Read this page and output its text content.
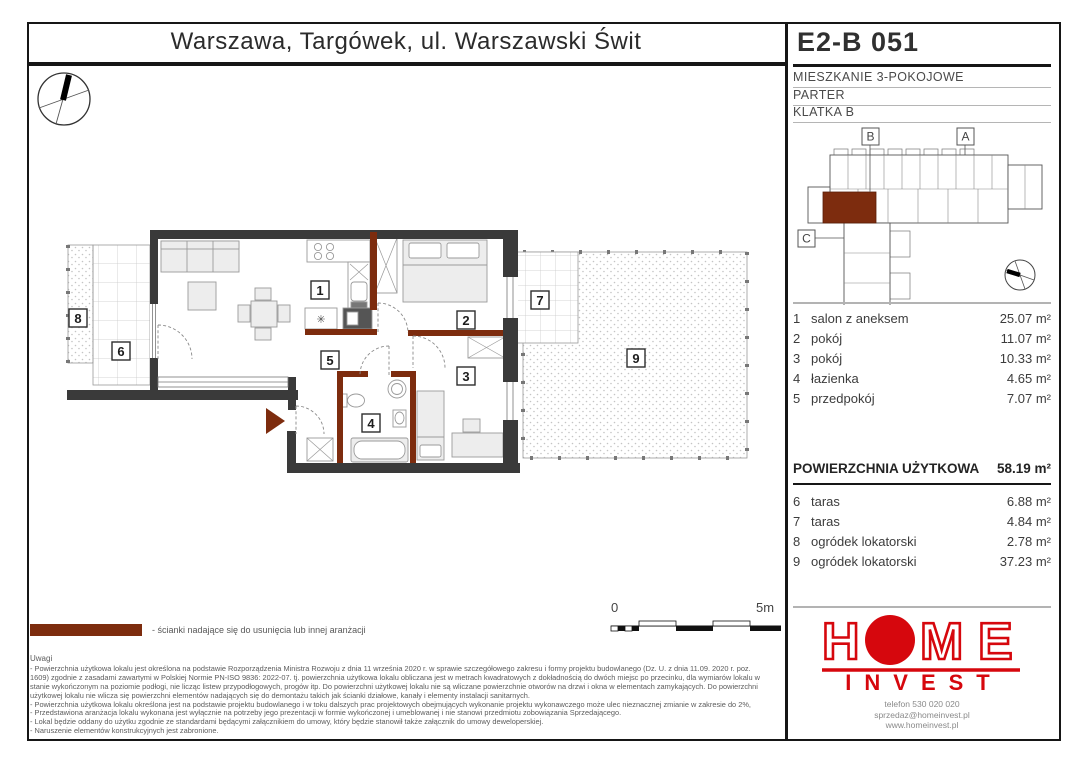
Warszawa, Targówek, ul. Warszawski Świt	E2-B 051
MIESZKANIE 3-POKOJOWE
PARTER
KLATKA B
B	A
C
✳
1
2
3
4
5
6
7
8
9
1 salon z aneksem	25.07 m²
2 pokój	11.07 m²
3 pokój	10.33 m²
4 łazienka	4.65 m²
5 przedpokój	7.07 m²
POWIERZCHNIA UŻYTKOWA	58.19 m²
6 taras	6.88 m²
7 taras	4.84 m²
8 ogródek lokatorski	2.78 m²
9 ogródek lokatorski	37.23 m²
- ścianki nadające się do usunięcia lub innej aranżacji
0	5m
Uwagi
- Powierzchnia użytkowa lokalu jest określona na podstawie Rozporządzenia Ministra Rozwoju z dnia 11 września 2020 r. w sprawie szczegółowego zakresu i formy projektu budowlanego (Dz. U. z dnia 11.09. 2020 r. poz. 1609) zgodnie z zasadami zawartymi w Polskiej Normie PN-ISO 9836: 2022-07. tj. powierzchnia użytkowa lokalu obliczana jest w metrach kwadratowych z dokładnością do dwóch miejsc po przecinku, dla wymiarów lokalu w stanie wykończonym na poziomie podłogi, nie licząc listew przypodłogowych, progów itp. Do powierzchni użytkowej lokalu nie są wliczane powierzchnie otworów na drzwi i okna w elementach zamykających. Do powierzchni użytkowej lokalu nie wlicza się powierzchni elementów nadających się do demontażu takich jak ścianki działowe, kanały i elementy instalacji sanitarnych.
- Powierzchnia użytkowa lokalu określona jest na podstawie projektu budowlanego i w toku dalszych prac projektowych obejmujących wykonanie projektu wykonawczego może ulec nieznacznej zmianie w zakresie do 2%,
- Przedstawiona aranżacja lokalu wykonana jest wyłącznie na potrzeby jego prezentacji w formie wykończonej i umeblowanej i nie stanowi przedmiotu zobowiązania Sprzedającego.
- Lokal będzie oddany do użytku zgodnie ze standardami będącymi załącznikiem do umowy, który będzie stanowił także załącznik do umowy deweloperskiej.
- Naruszenie elementów konstrukcyjnych jest zabronione.
H M E
INVEST
telefon 530 020 020
sprzedaz@homeinvest.pl
www.homeinvest.pl
